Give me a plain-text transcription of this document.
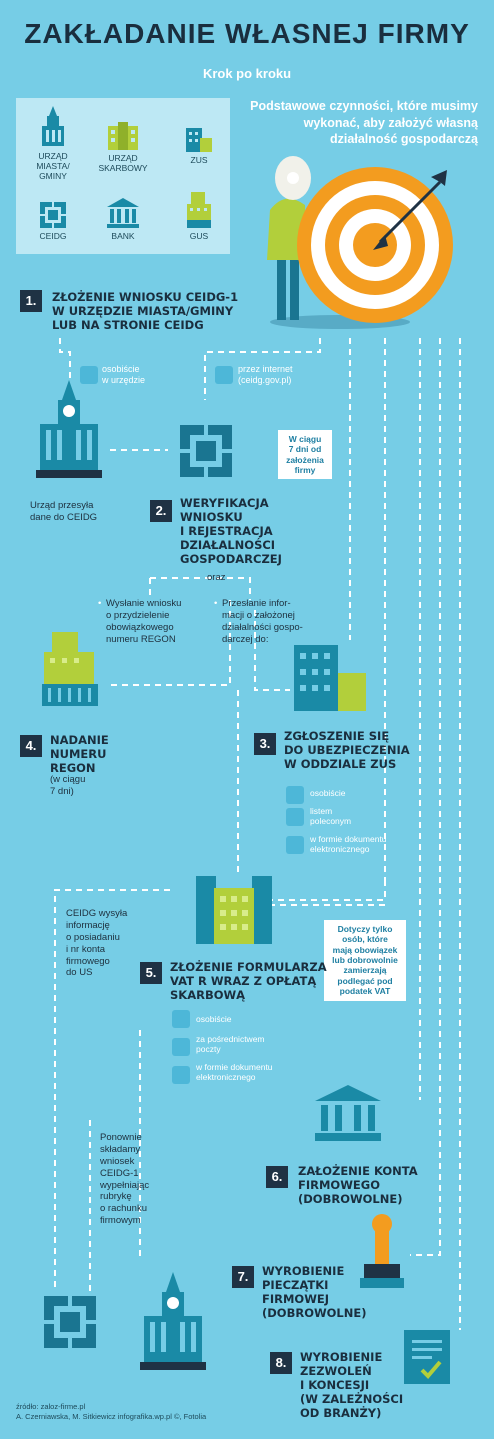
ZAKŁADANIE WŁASNEJ FIRMY
Krok po kroku
Podstawowe czynności, które musimy wykonać, aby założyć własną działalność gospodarczą
URZĄD
MIASTA/
GMINY
URZĄD
SKARBOWY
ZUS
CEIDG	BANK	GUS
1.	ZŁOŻENIE WNIOSKU CEIDG-1
W URZĘDZIE MIASTA/GMINY
LUB NA STRONIE CEIDG
osobiście
w urzędzie
przez internet
(ceidg.gov.pl)
Urząd przesyła
dane do CEIDG
W ciągu
7 dni od
założenia
firmy
2.	WERYFIKACJA
WNIOSKU
I REJESTRACJA
DZIAŁALNOŚCI
GOSPODARCZEJ
oraz
• Wysłanie wniosku
o przydzielenie
obowiązkowego
numeru REGON
• Przesłanie infor-
macji o założonej
działalności gospo-
darczej do:
4.	NADANIE
NUMERU
REGON
(w ciągu
7 dni)
3.	ZGŁOSZENIE SIĘ
DO UBEZPIECZENIA
W ODDZIALE ZUS
osobiście
listem
poleconym
w formie dokumentu
elektronicznego
CEIDG wysyła
informację
o posiadaniu
i nr konta
firmowego
do US
Dotyczy tylko
osób, które
mają obowiązek
lub dobrowolnie
zamierzają
podlegać pod
podatek VAT
5.	ZŁOŻENIE FORMULARZA
VAT R WRAZ Z OPŁATĄ
SKARBOWĄ
osobiście
za pośrednictwem
poczty
w formie dokumentu
elektronicznego
Ponownie
składamy
wniosek
CEIDG-1
wypełniając
rubrykę
o rachunku
firmowym
6.	ZAŁOŻENIE KONTA
FIRMOWEGO
(DOBROWOLNE)
7.	WYROBIENIE
PIECZĄTKI
FIRMOWEJ
(DOBROWOLNE)
8.	WYROBIENIE
ZEZWOLEŃ
I KONCESJI
(W ZALEŻNOŚCI
OD BRANŻY)
źródło: zaloz-firme.pl
A. Czerniawska, M. Sitkiewicz infografika.wp.pl ©, Fotolia
